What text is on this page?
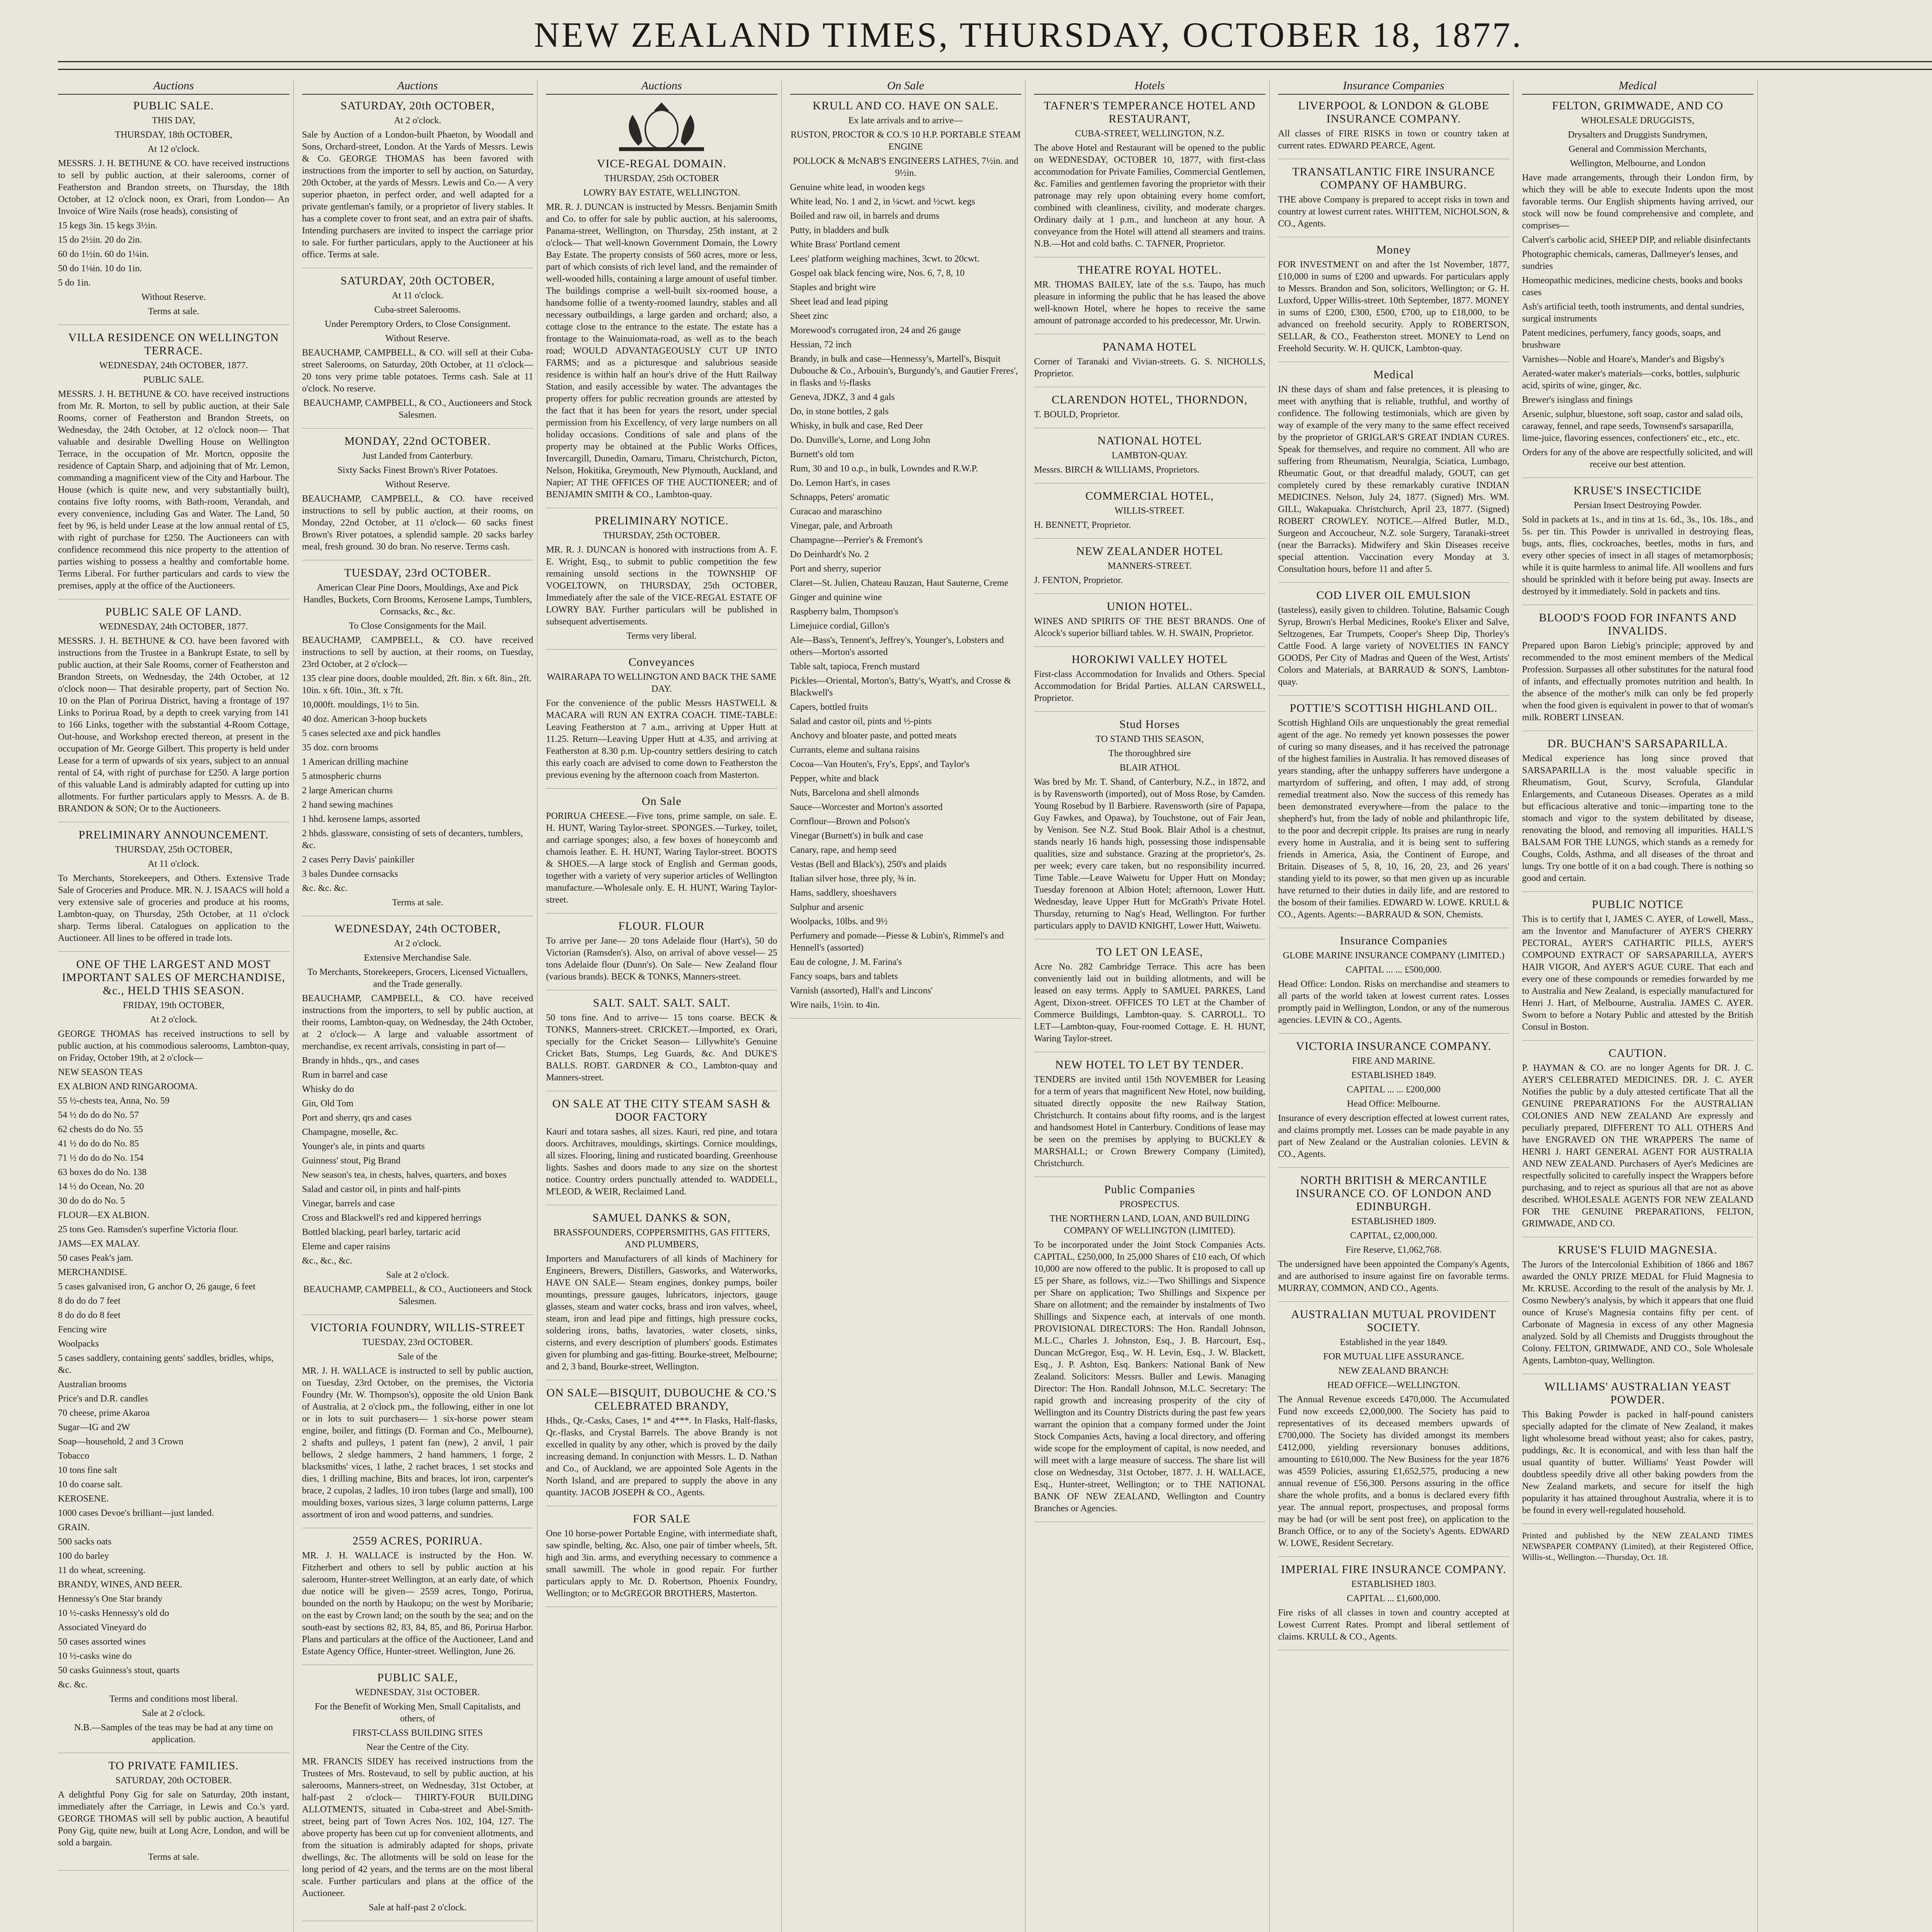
NEW ZEALAND TIMES, THURSDAY, OCTOBER 18, 1877.
Auctions
PUBLIC SALE.

THIS DAY,

THURSDAY, 18th OCTOBER,

At 12 o'clock.

MESSRS. J. H. BETHUNE & CO. have received instructions to sell by public auction, at their salerooms, corner of Featherston and Brandon streets, on Thursday, the 18th October, at 12 o'clock noon, ex Orari, from London— An Invoice of Wire Nails (rose heads), consisting of

15 kegs 3in. 15 kegs 3½in.

15 do 2½in. 20 do 2in.

60 do 1½in. 60 do 1¼in.

50 do 1⅛in. 10 do 1in.

5 do 1in.

Without Reserve.

Terms at sale.

VILLA RESIDENCE ON WELLINGTON TERRACE.

WEDNESDAY, 24th OCTOBER, 1877.

PUBLIC SALE.

MESSRS. J. H. BETHUNE & CO. have received instructions from Mr. R. Morton, to sell by public auction, at their Sale Rooms, corner of Featherston and Brandon Streets, on Wednesday, the 24th October, at 12 o'clock noon— That valuable and desirable Dwelling House on Wellington Terrace, in the occupation of Mr. Mortcn, opposite the residence of Captain Sharp, and adjoining that of Mr. Lemon, commanding a magnificent view of the City and Harbour. The House (which is quite new, and very substantially built), contains five lofty rooms, with Bath-room, Verandah, and every convenience, including Gas and Water. The Land, 50 feet by 96, is held under Lease at the low annual rental of £5, with right of purchase for £250. The Auctioneers can with confidence recommend this nice property to the attention of parties wishing to possess a healthy and comfortable home. Terms Liberal. For further particulars and cards to view the premises, apply at the office of the Auctioneers.

PUBLIC SALE OF LAND.

WEDNESDAY, 24th OCTOBER, 1877.

MESSRS. J. H. BETHUNE & CO. have been favored with instructions from the Trustee in a Bankrupt Estate, to sell by public auction, at their Sale Rooms, corner of Featherston and Brandon Streets, on Wednesday, the 24th October, at 12 o'clock noon— That desirable property, part of Section No. 10 on the Plan of Porirua District, having a frontage of 197 Links to Porirua Road, by a depth to creek varying from 141 to 166 Links, together with the substantial 4-Room Cottage, Out-house, and Workshop erected thereon, at present in the occupation of Mr. George Gilbert. This property is held under Lease for a term of upwards of six years, subject to an annual rental of £4, with right of purchase for £250. A large portion of this valuable Land is admirably adapted for cutting up into allotments. For further particulars apply to Messrs. A. de B. BRANDON & SON; Or to the Auctioneers.

PRELIMINARY ANNOUNCEMENT.

THURSDAY, 25th OCTOBER,

At 11 o'clock.

To Merchants, Storekeepers, and Others. Extensive Trade Sale of Groceries and Produce. MR. N. J. ISAACS will hold a very extensive sale of groceries and produce at his rooms, Lambton-quay, on Thursday, 25th October, at 11 o'clock sharp. Terms liberal. Catalogues on application to the Auctioneer. All lines to be offered in trade lots.

ONE OF THE LARGEST AND MOST IMPORTANT SALES OF MERCHANDISE, &c., HELD THIS SEASON.

FRIDAY, 19th OCTOBER,

At 2 o'clock.

GEORGE THOMAS has received instructions to sell by public auction, at his commodious salerooms, Lambton-quay, on Friday, October 19th, at 2 o'clock—

NEW SEASON TEAS

EX ALBION AND RINGAROOMA.

55 ½-chests tea, Anna, No. 59

54 ½ do do do No. 57

62 chests do do No. 55

41 ½ do do do No. 85

71 ½ do do do No. 154

63 boxes do do No. 138

14 ½ do Ocean, No. 20

30 do do do No. 5

FLOUR—EX ALBION.

25 tons Geo. Ramsden's superfine Victoria flour.

JAMS—EX MALAY.

50 cases Peak's jam.

MERCHANDISE.

5 cases galvanised iron, G anchor O, 26 gauge, 6 feet

8 do do do 7 feet

8 do do do 8 feet

Fencing wire

Woolpacks

5 cases saddlery, containing gents' saddles, bridles, whips, &c.

Australian brooms

Price's and D.R. candles

70 cheese, prime Akaroa

Sugar—IG and 2W

Soap—household, 2 and 3 Crown

Tobacco

10 tons fine salt

10 do coarse salt.

KEROSENE.

1000 cases Devoe's brilliant—just landed.

GRAIN.

500 sacks oats

100 do barley

11 do wheat, screening.

BRANDY, WINES, AND BEER.

Hennessy's One Star brandy

10 ½-casks Hennessy's old do

Associated Vineyard do

50 cases assorted wines

10 ½-casks wine do

50 casks Guinness's stout, quarts

&c. &c.

Terms and conditions most liberal.

Sale at 2 o'clock.

N.B.—Samples of the teas may be had at any time on application.

TO PRIVATE FAMILIES.

SATURDAY, 20th OCTOBER.

A delightful Pony Gig for sale on Saturday, 20th instant, immediately after the Carriage, in Lewis and Co.'s yard. GEORGE THOMAS will sell by public auction, A beautiful Pony Gig, quite new, built at Long Acre, London, and will be sold a bargain.

Terms at sale.

Auctions
SATURDAY, 20th OCTOBER,

At 2 o'clock.

Sale by Auction of a London-built Phaeton, by Woodall and Sons, Orchard-street, London. At the Yards of Messrs. Lewis & Co. GEORGE THOMAS has been favored with instructions from the importer to sell by auction, on Saturday, 20th October, at the yards of Messrs. Lewis and Co.— A very superior phaeton, in perfect order, and well adapted for a private gentleman's family, or a proprietor of livery stables. It has a complete cover to front seat, and an extra pair of shafts. Intending purchasers are invited to inspect the carriage prior to sale. For further particulars, apply to the Auctioneer at his office. Terms at sale.

SATURDAY, 20th OCTOBER,

At 11 o'clock.

Cuba-street Salerooms.

Under Peremptory Orders, to Close Consignment.

Without Reserve.

BEAUCHAMP, CAMPBELL, & CO. will sell at their Cuba-street Salerooms, on Saturday, 20th October, at 11 o'clock— 20 tons very prime table potatoes. Terms cash. Sale at 11 o'clock. No reserve.

BEAUCHAMP, CAMPBELL, & CO., Auctioneers and Stock Salesmen.

MONDAY, 22nd OCTOBER.

Just Landed from Canterbury.

Sixty Sacks Finest Brown's River Potatoes.

Without Reserve.

BEAUCHAMP, CAMPBELL, & CO. have received instructions to sell by public auction, at their rooms, on Monday, 22nd October, at 11 o'clock— 60 sacks finest Brown's River potatoes, a splendid sample. 20 sacks barley meal, fresh ground. 30 do bran. No reserve. Terms cash.

TUESDAY, 23rd OCTOBER.

American Clear Pine Doors, Mouldings, Axe and Pick Handles, Buckets, Corn Brooms, Kerosene Lamps, Tumblers, Cornsacks, &c., &c.

To Close Consignments for the Mail.

BEAUCHAMP, CAMPBELL, & CO. have received instructions to sell by auction, at their rooms, on Tuesday, 23rd October, at 2 o'clock—

135 clear pine doors, double moulded, 2ft. 8in. x 6ft. 8in., 2ft. 10in. x 6ft. 10in., 3ft. x 7ft.

10,000ft. mouldings, 1½ to 5in.

40 doz. American 3-hoop buckets

5 cases selected axe and pick handles

35 doz. corn brooms

1 American drilling machine

5 atmospheric churns

2 large American churns

2 hand sewing machines

1 hhd. kerosene lamps, assorted

2 hhds. glassware, consisting of sets of decanters, tumblers, &c.

2 cases Perry Davis' painkiller

3 bales Dundee cornsacks

&c. &c. &c.

Terms at sale.

WEDNESDAY, 24th OCTOBER,

At 2 o'clock.

Extensive Merchandise Sale.

To Merchants, Storekeepers, Grocers, Licensed Victuallers, and the Trade generally.

BEAUCHAMP, CAMPBELL, & CO. have received instructions from the importers, to sell by public auction, at their rooms, Lambton-quay, on Wednesday, the 24th October, at 2 o'clock— A large and valuable assortment of merchandise, ex recent arrivals, consisting in part of—

Brandy in hhds., qrs., and cases

Rum in barrel and case

Whisky do do

Gin, Old Tom

Port and sherry, qrs and cases

Champagne, moselle, &c.

Younger's ale, in pints and quarts

Guinness' stout, Pig Brand

New season's tea, in chests, halves, quarters, and boxes

Salad and castor oil, in pints and half-pints

Vinegar, barrels and case

Cross and Blackwell's red and kippered herrings

Bottled blacking, pearl barley, tartaric acid

Eleme and caper raisins

&c., &c., &c.

Sale at 2 o'clock.

BEAUCHAMP, CAMPBELL, & CO., Auctioneers and Stock Salesmen.

VICTORIA FOUNDRY, WILLIS-STREET

TUESDAY, 23rd OCTOBER.

Sale of the

MR. J. H. WALLACE is instructed to sell by public auction, on Tuesday, 23rd October, on the premises, the Victoria Foundry (Mr. W. Thompson's), opposite the old Union Bank of Australia, at 2 o'clock pm., the following, either in one lot or in lots to suit purchasers— 1 six-horse power steam engine, boiler, and fittings (D. Forman and Co., Melbourne), 2 shafts and pulleys, 1 patent fan (new), 2 anvil, 1 pair bellows, 2 sledge hammers, 2 hand hammers, 1 forge, 2 blacksmiths' vices, 1 lathe, 2 rachet braces, 1 set stocks and dies, 1 drilling machine, Bits and braces, lot iron, carpenter's brace, 2 cupolas, 2 ladles, 10 iron tubes (large and small), 100 moulding boxes, various sizes, 3 large column patterns, Large assortment of iron and wood patterns, and sundries.

2559 ACRES, PORIRUA.

MR. J. H. WALLACE is instructed by the Hon. W. Fitzherbert and others to sell by public auction at his saleroom, Hunter-street Wellington, at an early date, of which due notice will be given— 2559 acres, Tongo, Porirua, bounded on the north by Haukopu; on the west by Moribarie; on the east by Crown land; on the south by the sea; and on the south-east by sections 82, 83, 84, 85, and 86, Porirua Harbor. Plans and particulars at the office of the Auctioneer, Land and Estate Agency Office, Hunter-street. Wellington, June 26.

PUBLIC SALE,

WEDNESDAY, 31st OCTOBER.

For the Benefit of Working Men, Small Capitalists, and others, of

FIRST-CLASS BUILDING SITES

Near the Centre of the City.

MR. FRANCIS SIDEY has received instructions from the Trustees of Mrs. Rostevaud, to sell by public auction, at his salerooms, Manners-street, on Wednesday, 31st October, at half-past 2 o'clock— THIRTY-FOUR BUILDING ALLOTMENTS, situated in Cuba-street and Abel-Smith-street, being part of Town Acres Nos. 102, 104, 127. The above property has been cut up for convenient allotments, and from the situation is admirably adapted for shops, private dwellings, &c. The allotments will be sold on lease for the long period of 42 years, and the terms are on the most liberal scale. Further particulars and plans at the office of the Auctioneer.

Sale at half-past 2 o'clock.

Auctions
VICE-REGAL DOMAIN.

THURSDAY, 25th OCTOBER

LOWRY BAY ESTATE, WELLINGTON.

MR. R. J. DUNCAN is instructed by Messrs. Benjamin Smith and Co. to offer for sale by public auction, at his salerooms, Panama-street, Wellington, on Thursday, 25th instant, at 2 o'clock— That well-known Government Domain, the Lowry Bay Estate. The property consists of 560 acres, more or less, part of which consists of rich level land, and the remainder of well-wooded hills, containing a large amount of useful timber. The buildings comprise a well-built six-roomed house, a handsome follie of a twenty-roomed laundry, stables and all necessary outbuildings, a large garden and orchard; also, a cottage close to the entrance to the estate. The estate has a frontage to the Wainuiomata-road, as well as to the beach road; WOULD ADVANTAGEOUSLY CUT UP INTO FARMS; and as a picturesque and salubrious seaside residence is within half an hour's drive of the Hutt Railway Station, and easily accessible by water. The advantages the property offers for public recreation grounds are attested by the fact that it has been for years the resort, under special permission from his Excellency, of very large numbers on all holiday occasions. Conditions of sale and plans of the property may be obtained at the Public Works Offices, Invercargill, Dunedin, Oamaru, Timaru, Christchurch, Picton, Nelson, Hokitika, Greymouth, New Plymouth, Auckland, and Napier; AT THE OFFICES OF THE AUCTIONEER; and of BENJAMIN SMITH & CO., Lambton-quay.

PRELIMINARY NOTICE.

THURSDAY, 25th OCTOBER.

MR. R. J. DUNCAN is honored with instructions from A. F. E. Wright, Esq., to submit to public competition the few remaining unsold sections in the TOWNSHIP OF VOGELTOWN, on THURSDAY, 25th OCTOBER, Immediately after the sale of the VICE-REGAL ESTATE OF LOWRY BAY. Further particulars will be published in subsequent advertisements.

Terms very liberal.

Conveyances

WAIRARAPA TO WELLINGTON AND BACK THE SAME DAY.

For the convenience of the public Messrs HASTWELL & MACARA will RUN AN EXTRA COACH. TIME-TABLE: Leaving Featherston at 7 a.m., arriving at Upper Hutt at 11.25. Return—Leaving Upper Hutt at 4.35, and arriving at Featherston at 8.30 p.m. Up-country settlers desiring to catch this early coach are advised to come down to Featherston the previous evening by the afternoon coach from Masterton.

On Sale

PORIRUA CHEESE.—Five tons, prime sample, on sale. E. H. HUNT, Waring Taylor-street. SPONGES.—Turkey, toilet, and carriage sponges; also, a few boxes of honeycomb and chamois leather. E. H. HUNT, Waring Taylor-street. BOOTS & SHOES.—A large stock of English and German goods, together with a variety of very superior articles of Wellington manufacture.—Wholesale only. E. H. HUNT, Waring Taylor-street.

FLOUR. FLOUR

To arrive per Jane— 20 tons Adelaide flour (Hart's), 50 do Victorian (Ramsden's). Also, on arrival of above vessel— 25 tons Adelaide flour (Dunn's). On Sale— New Zealand flour (various brands). BECK & TONKS, Manners-street.

SALT. SALT. SALT. SALT.

50 tons fine. And to arrive— 15 tons coarse. BECK & TONKS, Manners-street. CRICKET.—Imported, ex Orari, specially for the Cricket Season— Lillywhite's Genuine Cricket Bats, Stumps, Leg Guards, &c. And DUKE'S BALLS. ROBT. GARDNER & CO., Lambton-quay and Manners-street.

ON SALE AT THE CITY STEAM SASH & DOOR FACTORY

Kauri and totara sashes, all sizes. Kauri, red pine, and totara doors. Architraves, mouldings, skirtings. Cornice mouldings, all sizes. Flooring, lining and rusticated boarding. Greenhouse lights. Sashes and doors made to any size on the shortest notice. Country orders punctually attended to. WADDELL, M'LEOD, & WEIR, Reclaimed Land.

SAMUEL DANKS & SON,

BRASSFOUNDERS, COPPERSMITHS, GAS FITTERS, AND PLUMBERS,

Importers and Manufacturers of all kinds of Machinery for Engineers, Brewers, Distillers, Gasworks, and Waterworks, HAVE ON SALE— Steam engines, donkey pumps, boiler mountings, pressure gauges, lubricators, injectors, gauge glasses, steam and water cocks, brass and iron valves, wheel, steam, iron and lead pipe and fittings, high pressure cocks, soldering irons, baths, lavatories, water closets, sinks, cisterns, and every description of plumbers' goods. Estimates given for plumbing and gas-fitting. Bourke-street, Melbourne; and 2, 3 band, Bourke-street, Wellington.

ON SALE—BISQUIT, DUBOUCHE & CO.'S CELEBRATED BRANDY,

Hhds., Qr.-Casks, Cases, 1* and 4***. In Flasks, Half-flasks, Qr.-flasks, and Crystal Barrels. The above Brandy is not excelled in quality by any other, which is proved by the daily increasing demand. In conjunction with Messrs. L. D. Nathan and Co., of Auckland, we are appointed Sole Agents in the North Island, and are prepared to supply the above in any quantity. JACOB JOSEPH & CO., Agents.

FOR SALE

One 10 horse-power Portable Engine, with intermediate shaft, saw spindle, belting, &c. Also, one pair of timber wheels, 5ft. high and 3in. arms, and everything necessary to commence a small sawmill. The whole in good repair. For further particulars apply to Mr. D. Robertson, Phoenix Foundry, Wellington; or to McGREGOR BROTHERS, Masterton.

On Sale
KRULL AND CO. HAVE ON SALE.

Ex late arrivals and to arrive—

RUSTON, PROCTOR & CO.'S 10 H.P. PORTABLE STEAM ENGINE

POLLOCK & McNAB'S ENGINEERS LATHES, 7½in. and 9½in.

Genuine white lead, in wooden kegs

White lead, No. 1 and 2, in ¼cwt. and ½cwt. kegs

Boiled and raw oil, in barrels and drums

Putty, in bladders and bulk

White Brass' Portland cement

Lees' platform weighing machines, 3cwt. to 20cwt.

Gospel oak black fencing wire, Nos. 6, 7, 8, 10

Staples and bright wire

Sheet lead and lead piping

Sheet zinc

Morewood's corrugated iron, 24 and 26 gauge

Hessian, 72 inch

Brandy, in bulk and case—Hennessy's, Martell's, Bisquit Dubouche & Co., Arbouin's, Burgundy's, and Gautier Freres', in flasks and ½-flasks

Geneva, JDKZ, 3 and 4 gals

Do, in stone bottles, 2 gals

Whisky, in bulk and case, Red Deer

Do. Dunville's, Lorne, and Long John

Burnett's old tom

Rum, 30 and 10 o.p., in bulk, Lowndes and R.W.P.

Do. Lemon Hart's, in cases

Schnapps, Peters' aromatic

Curacao and maraschino

Vinegar, pale, and Arbroath

Champagne—Perrier's & Fremont's

Do Deinhardt's No. 2

Port and sherry, superior

Claret—St. Julien, Chateau Rauzan, Haut Sauterne, Creme

Ginger and quinine wine

Raspberry balm, Thompson's

Limejuice cordial, Gillon's

Ale—Bass's, Tennent's, Jeffrey's, Younger's, Lobsters and others—Morton's assorted

Table salt, tapioca, French mustard

Pickles—Oriental, Morton's, Batty's, Wyatt's, and Crosse & Blackwell's

Capers, bottled fruits

Salad and castor oil, pints and ½-pints

Anchovy and bloater paste, and potted meats

Currants, eleme and sultana raisins

Cocoa—Van Houten's, Fry's, Epps', and Taylor's

Pepper, white and black

Nuts, Barcelona and shell almonds

Sauce—Worcester and Morton's assorted

Cornflour—Brown and Polson's

Vinegar (Burnett's) in bulk and case

Canary, rape, and hemp seed

Vestas (Bell and Black's), 250's and plaids

Italian silver hose, three ply, ⅜ in.

Hams, saddlery, shoeshavers

Sulphur and arsenic

Woolpacks, 10lbs. and 9½

Perfumery and pomade—Piesse & Lubin's, Rimmel's and Hennell's (assorted)

Eau de cologne, J. M. Farina's

Fancy soaps, bars and tablets

Varnish (assorted), Hall's and Lincons'

Wire nails, 1½in. to 4in.

Hotels
TAFNER'S TEMPERANCE HOTEL AND RESTAURANT,

CUBA-STREET, WELLINGTON, N.Z.

The above Hotel and Restaurant will be opened to the public on WEDNESDAY, OCTOBER 10, 1877, with first-class accommodation for Private Families, Commercial Gentlemen, &c. Families and gentlemen favoring the proprietor with their patronage may rely upon obtaining every home comfort, combined with cleanliness, civility, and moderate charges. Ordinary daily at 1 p.m., and luncheon at any hour. A conveyance from the Hotel will attend all steamers and trains. N.B.—Hot and cold baths. C. TAFNER, Proprietor.

THEATRE ROYAL HOTEL.

MR. THOMAS BAILEY, late of the s.s. Taupo, has much pleasure in informing the public that he has leased the above well-known Hotel, where he hopes to receive the same amount of patronage accorded to his predecessor, Mr. Urwin.

PANAMA HOTEL

Corner of Taranaki and Vivian-streets. G. S. NICHOLLS, Proprietor.

CLARENDON HOTEL, THORNDON,

T. BOULD, Proprietor.

NATIONAL HOTEL

LAMBTON-QUAY.

Messrs. BIRCH & WILLIAMS, Proprietors.

COMMERCIAL HOTEL,

WILLIS-STREET.

H. BENNETT, Proprietor.

NEW ZEALANDER HOTEL

MANNERS-STREET.

J. FENTON, Proprietor.

UNION HOTEL.

WINES AND SPIRITS OF THE BEST BRANDS. One of Alcock's superior billiard tables. W. H. SWAIN, Proprietor.

HOROKIWI VALLEY HOTEL

First-class Accommodation for Invalids and Others. Special Accommodation for Bridal Parties. ALLAN CARSWELL, Proprietor.

Stud Horses

TO STAND THIS SEASON,

The thoroughbred sire

BLAIR ATHOL

Was bred by Mr. T. Shand, of Canterbury, N.Z., in 1872, and is by Ravensworth (imported), out of Moss Rose, by Camden. Young Rosebud by Il Barbiere. Ravensworth (sire of Papapa, Guy Fawkes, and Opawa), by Touchstone, out of Fair Jean, by Venison. See N.Z. Stud Book. Blair Athol is a chestnut, stands nearly 16 hands high, possessing those indispensable qualities, size and substance. Grazing at the proprietor's, 2s. per week; every care taken, but no responsibility incurred. Time Table.—Leave Waiwetu for Upper Hutt on Monday; Tuesday forenoon at Albion Hotel; afternoon, Lower Hutt. Wednesday, leave Upper Hutt for McGrath's Private Hotel. Thursday, returning to Nag's Head, Wellington. For further particulars apply to DAVID KNIGHT, Lower Hutt, Waiwetu.

TO LET ON LEASE,

Acre No. 282 Cambridge Terrace. This acre has been conveniently laid out in building allotments, and will be leased on easy terms. Apply to SAMUEL PARKES, Land Agent, Dixon-street. OFFICES TO LET at the Chamber of Commerce Buildings, Lambton-quay. S. CARROLL. TO LET—Lambton-quay, Four-roomed Cottage. E. H. HUNT, Waring Taylor-street.

NEW HOTEL TO LET BY TENDER.

TENDERS are invited until 15th NOVEMBER for Leasing for a term of years that magnificent New Hotel, now building, situated directly opposite the new Railway Station, Christchurch. It contains about fifty rooms, and is the largest and handsomest Hotel in Canterbury. Conditions of lease may be seen on the premises by applying to BUCKLEY & MARSHALL; or Crown Brewery Company (Limited), Christchurch.

Public Companies

PROSPECTUS.

THE NORTHERN LAND, LOAN, AND BUILDING COMPANY OF WELLINGTON (LIMITED).

To be incorporated under the Joint Stock Companies Acts. CAPITAL, £250,000, In 25,000 Shares of £10 each, Of which 10,000 are now offered to the public. It is proposed to call up £5 per Share, as follows, viz.:—Two Shillings and Sixpence per Share on application; Two Shillings and Sixpence per Share on allotment; and the remainder by instalments of Two Shillings and Sixpence each, at intervals of one month. PROVISIONAL DIRECTORS: The Hon. Randall Johnson, M.L.C., Charles J. Johnston, Esq., J. B. Harcourt, Esq., Duncan McGregor, Esq., W. H. Levin, Esq., J. W. Blackett, Esq., J. P. Ashton, Esq. Bankers: National Bank of New Zealand. Solicitors: Messrs. Buller and Lewis. Managing Director: The Hon. Randall Johnson, M.L.C. Secretary: The rapid growth and increasing prosperity of the city of Wellington and its Country Districts during the past few years warrant the opinion that a company formed under the Joint Stock Companies Acts, having a local directory, and offering wide scope for the employment of capital, is now needed, and will meet with a large measure of success. The share list will close on Wednesday, 31st October, 1877. J. H. WALLACE, Esq., Hunter-street, Wellington; or to THE NATIONAL BANK OF NEW ZEALAND, Wellington and Country Branches or Agencies.

Insurance Companies
LIVERPOOL & LONDON & GLOBE INSURANCE COMPANY.

All classes of FIRE RISKS in town or country taken at current rates. EDWARD PEARCE, Agent.

TRANSATLANTIC FIRE INSURANCE COMPANY OF HAMBURG.

THE above Company is prepared to accept risks in town and country at lowest current rates. WHITTEM, NICHOLSON, & CO., Agents.

Money

FOR INVESTMENT on and after the 1st November, 1877, £10,000 in sums of £200 and upwards. For particulars apply to Messrs. Brandon and Son, solicitors, Wellington; or G. H. Luxford, Upper Willis-street. 10th September, 1877. MONEY in sums of £200, £300, £500, £700, up to £18,000, to be advanced on freehold security. Apply to ROBERTSON, SELLAR, & CO., Featherston street. MONEY to Lend on Freehold Security. W. H. QUICK, Lambton-quay.

Medical

IN these days of sham and false pretences, it is pleasing to meet with anything that is reliable, truthful, and worthy of confidence. The following testimonials, which are given by way of example of the very many to the same effect received by the proprietor of GRIGLAR'S GREAT INDIAN CURES. Speak for themselves, and require no comment. All who are suffering from Rheumatism, Neuralgia, Sciatica, Lumbago, Rheumatic Gout, or that dreadful malady, GOUT, can get completely cured by these remarkably curative INDIAN MEDICINES. Nelson, July 24, 1877. (Signed) Mrs. WM. GILL, Wakapuaka. Christchurch, April 23, 1877. (Signed) ROBERT CROWLEY. NOTICE.—Alfred Butler, M.D., Surgeon and Accoucheur, N.Z. sole Surgery, Taranaki-street (near the Barracks). Midwifery and Skin Diseases receive special attention. Vaccination every Monday at 3. Consultation hours, before 11 and after 5.

COD LIVER OIL EMULSION

(tasteless), easily given to children. Tolutine, Balsamic Cough Syrup, Brown's Herbal Medicines, Rooke's Elixer and Salve, Seltzogenes, Ear Trumpets, Cooper's Sheep Dip, Thorley's Cattle Food. A large variety of NOVELTIES IN FANCY GOODS, Per City of Madras and Queen of the West, Artists' Colors and Materials, at BARRAUD & SON'S, Lambton-quay.

POTTIE'S SCOTTISH HIGHLAND OIL.

Scottish Highland Oils are unquestionably the great remedial agent of the age. No remedy yet known possesses the power of curing so many diseases, and it has received the patronage of the highest families in Australia. It has removed diseases of years standing, after the unhappy sufferers have undergone a martyrdom of suffering, and often, I may add, of strong remedial treatment also. Now the success of this remedy has been demonstrated everywhere—from the palace to the shepherd's hut, from the lady of noble and philanthropic life, to the poor and decrepit cripple. Its praises are rung in nearly every home in Australia, and it is being sent to suffering friends in America, Asia, the Continent of Europe, and Britain. Diseases of 5, 8, 10, 16, 20, 23, and 26 years' standing yield to its power, so that men given up as incurable have returned to their duties in daily life, and are restored to the bosom of their families. EDWARD W. LOWE. KRULL & CO., Agents. Agents:—BARRAUD & SON, Chemists.

Insurance Companies

GLOBE MARINE INSURANCE COMPANY (LIMITED.)

CAPITAL ... ... £500,000.

Head Office: London. Risks on merchandise and steamers to all parts of the world taken at lowest current rates. Losses promptly paid in Wellington, London, or any of the numerous agencies. LEVIN & CO., Agents.

VICTORIA INSURANCE COMPANY.

FIRE AND MARINE.

ESTABLISHED 1849.

CAPITAL ... ... £200,000

Head Office: Melbourne.

Insurance of every description effected at lowest current rates, and claims promptly met. Losses can be made payable in any part of New Zealand or the Australian colonies. LEVIN & CO., Agents.

NORTH BRITISH & MERCANTILE INSURANCE CO. OF LONDON AND EDINBURGH.

ESTABLISHED 1809.

CAPITAL, £2,000,000.

Fire Reserve, £1,062,768.

The undersigned have been appointed the Company's Agents, and are authorised to insure against fire on favorable terms. MURRAY, COMMON, AND CO., Agents.

AUSTRALIAN MUTUAL PROVIDENT SOCIETY.

Established in the year 1849.

FOR MUTUAL LIFE ASSURANCE.

NEW ZEALAND BRANCH:

HEAD OFFICE—WELLINGTON.

The Annual Revenue exceeds £470,000. The Accumulated Fund now exceeds £2,000,000. The Society has paid to representatives of its deceased members upwards of £700,000. The Society has divided amongst its members £412,000, yielding reversionary bonuses additions, amounting to £610,000. The New Business for the year 1876 was 4559 Policies, assuring £1,652,575, producing a new annual revenue of £56,300. Persons assuring in the office share the whole profits, and a bonus is declared every fifth year. The annual report, prospectuses, and proposal forms may be had (or will be sent post free), on application to the Branch Office, or to any of the Society's Agents. EDWARD W. LOWE, Resident Secretary.

IMPERIAL FIRE INSURANCE COMPANY.

ESTABLISHED 1803.

CAPITAL ... £1,600,000.

Fire risks of all classes in town and country accepted at Lowest Current Rates. Prompt and liberal settlement of claims. KRULL & CO., Agents.

Medical
FELTON, GRIMWADE, AND CO

WHOLESALE DRUGGISTS,

Drysalters and Druggists Sundrymen,

General and Commission Merchants,

Wellington, Melbourne, and London

Have made arrangements, through their London firm, by which they will be able to execute Indents upon the most favorable terms. Our English shipments having arrived, our stock will now be found comprehensive and complete, and comprises—

Calvert's carbolic acid, SHEEP DIP, and reliable disinfectants

Photographic chemicals, cameras, Dallmeyer's lenses, and sundries

Homeopathic medicines, medicine chests, books and books cases

Ash's artificial teeth, tooth instruments, and dental sundries, surgical instruments

Patent medicines, perfumery, fancy goods, soaps, and brushware

Varnishes—Noble and Hoare's, Mander's and Bigsby's

Aerated-water maker's materials—corks, bottles, sulphuric acid, spirits of wine, ginger, &c.

Brewer's isinglass and finings

Arsenic, sulphur, bluestone, soft soap, castor and salad oils, caraway, fennel, and rape seeds, Townsend's sarsaparilla, lime-juice, flavoring essences, confectioners' etc., etc., etc.

Orders for any of the above are respectfully solicited, and will receive our best attention.

KRUSE'S INSECTICIDE

Persian Insect Destroying Powder.

Sold in packets at 1s., and in tins at 1s. 6d., 3s., 10s. 18s., and 5s. per tin. This Powder is unrivalled in destroying fleas, bugs, ants, flies, cockroaches, beetles, moths in furs, and every other species of insect in all stages of metamorphosis; while it is quite harmless to animal life. All woollens and furs should be sprinkled with it before being put away. Insects are destroyed by it immediately. Sold in packets and tins.

BLOOD'S FOOD FOR INFANTS AND INVALIDS.

Prepared upon Baron Liebig's principle; approved by and recommended to the most eminent members of the Medical Profession. Surpasses all other substitutes for the natural food of infants, and effectually promotes nutrition and health. In the absence of the mother's milk can only be fed properly when the food given is equivalent in power to that of woman's milk. ROBERT LINSEAN.

DR. BUCHAN'S SARSAPARILLA.

Medical experience has long since proved that SARSAPARILLA is the most valuable specific in Rheumatism, Gout, Scurvy, Scrofula, Glandular Enlargements, and Cutaneous Diseases. Operates as a mild but efficacious alterative and tonic—imparting tone to the stomach and vigor to the system debilitated by disease, renovating the blood, and removing all impurities. HALL'S BALSAM FOR THE LUNGS, which stands as a remedy for Coughs, Colds, Asthma, and all diseases of the throat and lungs. Try one bottle of it on a bad cough. There is nothing so good and certain.

PUBLIC NOTICE

This is to certify that I, JAMES C. AYER, of Lowell, Mass., am the Inventor and Manufacturer of AYER'S CHERRY PECTORAL, AYER'S CATHARTIC PILLS, AYER'S COMPOUND EXTRACT OF SARSAPARILLA, AYER'S HAIR VIGOR, And AYER'S AGUE CURE. That each and every one of these compounds or remedies forwarded by me to Australia and New Zealand, is especially manufactured for Henri J. Hart, of Melbourne, Australia. JAMES C. AYER. Sworn to before a Notary Public and attested by the British Consul in Boston.

CAUTION.

P. HAYMAN & CO. are no longer Agents for DR. J. C. AYER'S CELEBRATED MEDICINES. DR. J. C. AYER Notifies the public by a duly attested certificate That all the GENUINE PREPARATIONS For the AUSTRALIAN COLONIES AND NEW ZEALAND Are expressly and peculiarly prepared, DIFFERENT TO ALL OTHERS And have ENGRAVED ON THE WRAPPERS The name of HENRI J. HART GENERAL AGENT FOR AUSTRALIA AND NEW ZEALAND. Purchasers of Ayer's Medicines are respectfully solicited to carefully inspect the Wrappers before purchasing, and to reject as spurious all that are not as above described. WHOLESALE AGENTS FOR NEW ZEALAND FOR THE GENUINE PREPARATIONS, FELTON, GRIMWADE, AND CO.

KRUSE'S FLUID MAGNESIA.

The Jurors of the Intercolonial Exhibition of 1866 and 1867 awarded the ONLY PRIZE MEDAL for Fluid Magnesia to Mr. KRUSE. According to the result of the analysis by Mr. J. Cosmo Newbery's analysis, by which it appears that one fluid ounce of Kruse's Magnesia contains fifty per cent. of Carbonate of Magnesia in excess of any other Magnesia analyzed. Sold by all Chemists and Druggists throughout the Colony. FELTON, GRIMWADE, AND CO., Sole Wholesale Agents, Lambton-quay, Wellington.

WILLIAMS' AUSTRALIAN YEAST POWDER.

This Baking Powder is packed in half-pound canisters specially adapted for the climate of New Zealand, it makes light wholesome bread without yeast; also for cakes, pastry, puddings, &c. It is economical, and with less than half the usual quantity of butter. Williams' Yeast Powder will doubtless speedily drive all other baking powders from the New Zealand markets, and secure for itself the high popularity it has attained throughout Australia, where it is to be found in every well-regulated household.

Printed and published by the NEW ZEALAND TIMES NEWSPAPER COMPANY (Limited), at their Registered Office, Willis-st., Wellington.—Thursday, Oct. 18.
